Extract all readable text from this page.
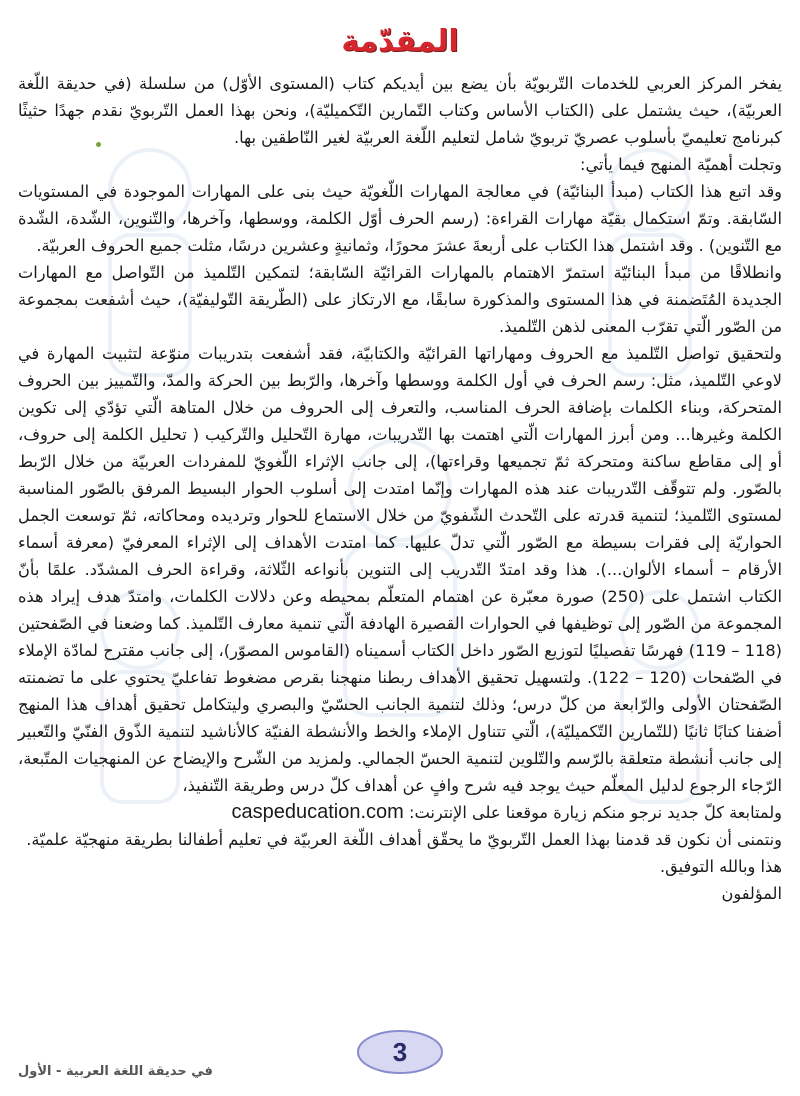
المقدّمة

يفخر المركز العربي للخدمات التّربويّة بأن يضع بين أيديكم كتاب (المستوى الأوّل) من سلسلة (في حديقة اللّغة العربيّة)، حيث يشتمل على (الكتاب الأساس وكتاب التّمارين التّكميليّة)، ونحن بهذا العمل التّربويّ نقدم جهدًا حثيثًا كبرنامج تعليميّ بأسلوب عصريّ تربويّ شامل لتعليم اللّغة العربيّة لغير النّاطقين بها.

وتجلت أهميّة المنهج فيما يأتي:

وقد اتبع هذا الكتاب (مبدأ البنائيّة) في معالجة المهارات اللّغويّة حيث بنى على المهارات الموجودة في المستويات السّابقة. وتمّ استكمال بقيّة مهارات القراءة: (رسم الحرف أوّل الكلمة، ووسطها، وآخرها، والتّنوين، الشّدة، الشّدة مع التّنوين) . وقد اشتمل هذا الكتاب على أربعةَ عشرَ محورًا، وثمانيةٍ وعشرين درسًا، مثلت جميع الحروف العربيّة.

وانطلاقًا من مبدأ البنائيّة استمرّ الاهتمام بالمهارات القرائيّة السّابقة؛ لتمكين التّلميذ من التّواصل مع المهارات الجديدة المُتَضمنة في هذا المستوى والمذكورة سابقًا، مع الارتكاز على (الطّريقة التّوليفيّة)، حيث أشفعت بمجموعة من الصّور الّتي تقرّب المعنى لذهن التّلميذ.

ولتحقيق تواصل التّلميذ مع الحروف ومهاراتها القرائيّة والكتابيّة، فقد أشفعت بتدريبات منوّعة لتثبيت المهارة في لاوعي التّلميذ، مثل: رسم الحرف في أول الكلمة ووسطها وآخرها، والرّبط بين الحركة والمدّ، والتّمييز بين الحروف المتحركة، وبناء الكلمات بإضافة الحرف المناسب، والتعرف إلى الحروف من خلال المتاهة الّتي تؤدّي إلى تكوين الكلمة وغيرها... ومن أبرز المهارات الّتي اهتمت بها التّدريبات، مهارة التّحليل والتّركيب ( تحليل الكلمة إلى حروف، أو إلى مقاطع ساكنة ومتحركة ثمّ تجميعها وقراءتها)، إلى جانب الإثراء اللّغويّ للمفردات العربيّة من خلال الرّبط بالصّور. ولم تتوقّف التّدريبات عند هذه المهارات وإنّما امتدت إلى أسلوب الحوار البسيط المرفق بالصّور المناسبة لمستوى التّلميذ؛ لتنمية قدرته على التّحدث الشّفويّ من خلال الاستماع للحوار وترديده ومحاكاته، ثمّ توسعت الجمل الحواريّة إلى فقرات بسيطة مع الصّور الّتي تدلّ عليها. كما امتدت الأهداف إلى الإثراء المعرفيّ (معرفة أسماء الأرقام – أسماء الألوان...). هذا وقد امتدّ التّدريب إلى التنوين بأنواعه الثّلاثة، وقراءة الحرف المشدّد. علمًا بأنّ الكتاب اشتمل على (250) صورة معبّرة عن اهتمام المتعلّم بمحيطه وعن دلالات الكلمات، وامتدّ هدف إيراد هذه المجموعة من الصّور إلى توظيفها في الحوارات القصيرة الهادفة الّتي تنمية معارف التّلميذ. كما وضعنا في الصّفحتين (118 – 119) فهرسًا تفصيليًا لتوزيع الصّور داخل الكتاب أسميناه (القاموس المصوّر)، إلى جانب مقترح لمادّة الإملاء في الصّفحات (120 – 122). ولتسهيل تحقيق الأهداف ربطنا منهجنا بقرص مضغوط تفاعليّ يحتوي على ما تضمنته الصّفحتان الأولى والرّابعة من كلّ درس؛ وذلك لتنمية الجانب الحسّيّ والبصري وليتكامل تحقيق أهداف هذا المنهج أضفنا كتابًا ثانيًا (للتّمارين التّكميليّة)، الّتي تتناول الإملاء والخط والأنشطة الفنيّة كالأناشيد لتنمية الذّوق الفنّيّ والتّعبير إلى جانب أنشطة متعلقة بالرّسم والتّلوين لتنمية الحسّ الجمالي. ولمزيد من الشّرح والإيضاح عن المنهجيات المتّبعة، الرّجاء الرجوع لدليل المعلّم حيث يوجد فيه شرح وافٍ عن أهداف كلّ درس وطريقة التّنفيذ،

ولمتابعة كلّ جديد نرجو منكم زيارة موقعنا على الإنترنت: caspeducation.com

ونتمنى أن نكون قد قدمنا بهذا العمل التّربويّ ما يحقّق أهداف اللّغة العربيّة في تعليم أطفالنا بطريقة منهجيّة علميّة.

هذا وبالله التوفيق.

المؤلفون

3
في حديقة اللغة العربية - الأول
